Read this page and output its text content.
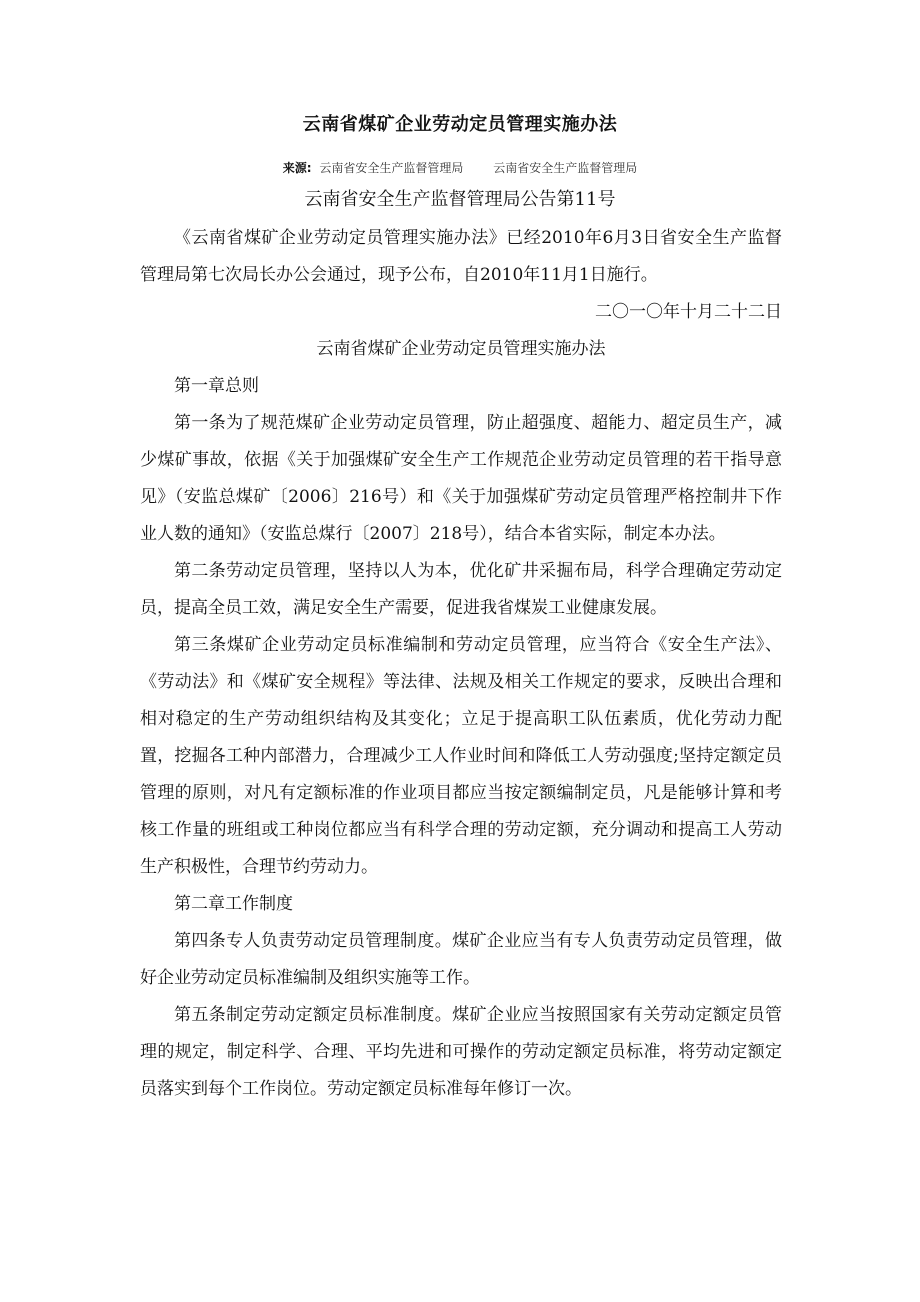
云南省煤矿企业劳动定员管理实施办法
来源: 云南省安全生产监督管理局 云南省安全生产监督管理局
云南省安全生产监督管理局公告第11号

《云南省煤矿企业劳动定员管理实施办法》已经2010年6月3日省安全生产监督管理局第七次局长办公会通过，现予公布，自2010年11月1日施行。

二〇一〇年十月二十二日

云南省煤矿企业劳动定员管理实施办法

第一章总则

第一条为了规范煤矿企业劳动定员管理，防止超强度、超能力、超定员生产，减少煤矿事故，依据《关于加强煤矿安全生产工作规范企业劳动定员管理的若干指导意见》（安监总煤矿〔2006〕216号）和《关于加强煤矿劳动定员管理严格控制井下作业人数的通知》（安监总煤行〔2007〕218号），结合本省实际，制定本办法。

第二条劳动定员管理，坚持以人为本，优化矿井采掘布局，科学合理确定劳动定员，提高全员工效，满足安全生产需要，促进我省煤炭工业健康发展。

第三条煤矿企业劳动定员标准编制和劳动定员管理，应当符合《安全生产法》、《劳动法》和《煤矿安全规程》等法律、法规及相关工作规定的要求，反映出合理和相对稳定的生产劳动组织结构及其变化；立足于提高职工队伍素质，优化劳动力配置，挖掘各工种内部潜力，合理减少工人作业时间和降低工人劳动强度;坚持定额定员管理的原则，对凡有定额标准的作业项目都应当按定额编制定员，凡是能够计算和考核工作量的班组或工种岗位都应当有科学合理的劳动定额，充分调动和提高工人劳动生产积极性，合理节约劳动力。

第二章工作制度

第四条专人负责劳动定员管理制度。煤矿企业应当有专人负责劳动定员管理，做好企业劳动定员标准编制及组织实施等工作。

第五条制定劳动定额定员标准制度。煤矿企业应当按照国家有关劳动定额定员管理的规定，制定科学、合理、平均先进和可操作的劳动定额定员标准，将劳动定额定员落实到每个工作岗位。劳动定额定员标准每年修订一次。
